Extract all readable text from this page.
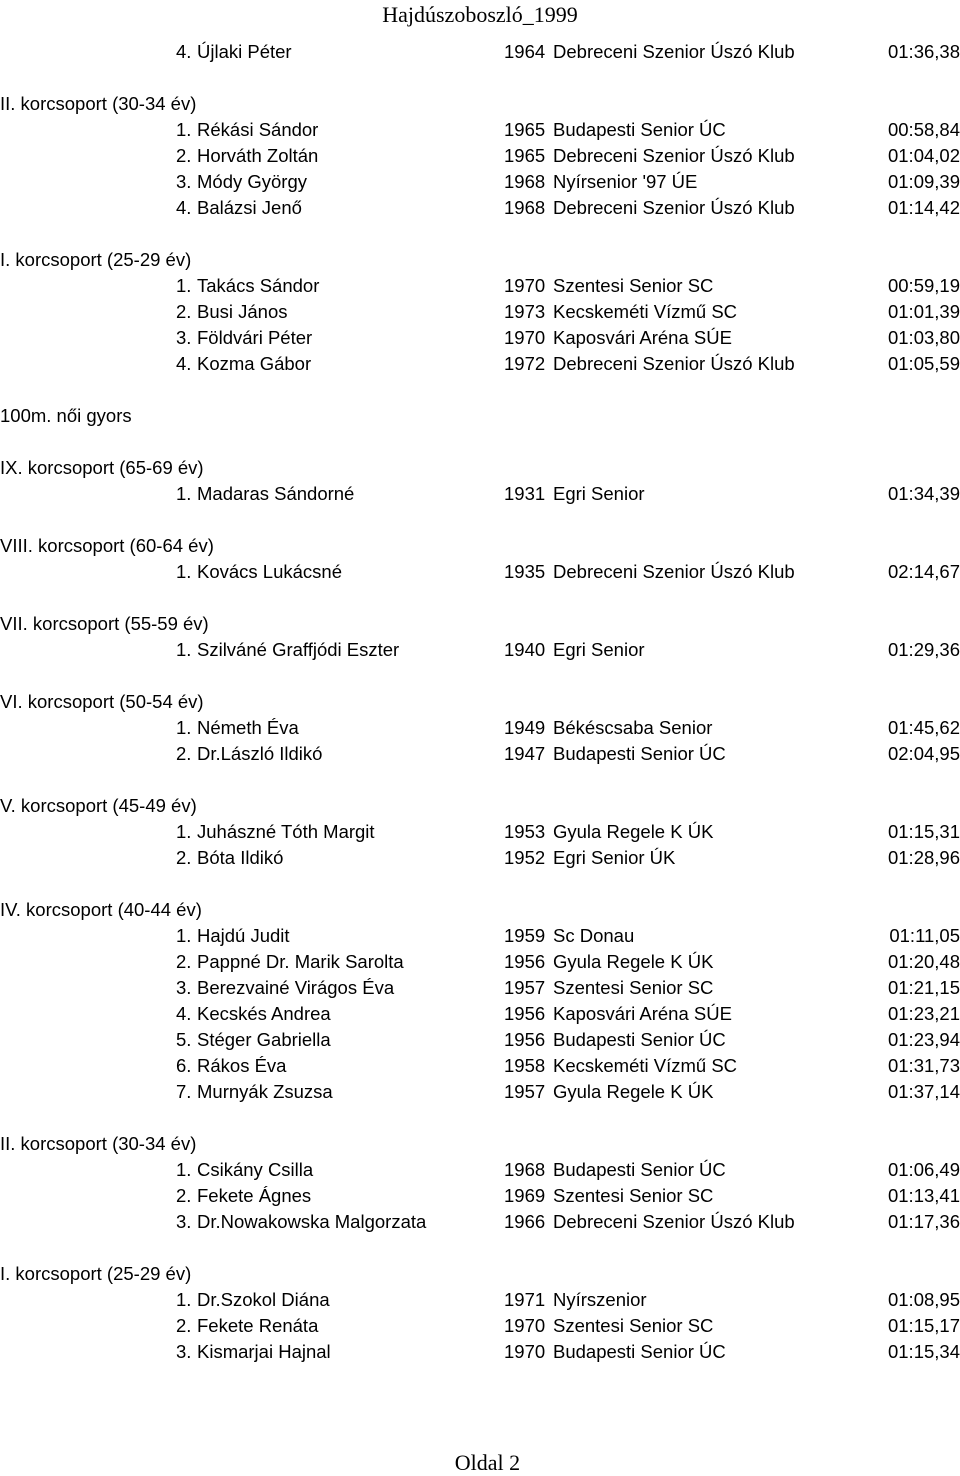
Hajdúszoboszló_1999
4. Újlaki Péter	1964 Debreceni Szenior Úszó Klub	01:36,38
II. korcsoport (30-34 év)
1. Rékási Sándor	1965 Budapesti Senior ÚC	00:58,84
2. Horváth Zoltán	1965 Debreceni Szenior Úszó Klub	01:04,02
3. Módy György	1968 Nyírsenior '97 ÚE	01:09,39
4. Balázsi Jenő	1968 Debreceni Szenior Úszó Klub	01:14,42
I. korcsoport (25-29 év)
1. Takács Sándor	1970 Szentesi Senior SC	00:59,19
2. Busi János	1973 Kecskeméti Vízmű SC	01:01,39
3. Földvári Péter	1970 Kaposvári Aréna SÚE	01:03,80
4. Kozma Gábor	1972 Debreceni Szenior Úszó Klub	01:05,59
100m. női gyors
IX. korcsoport (65-69 év)
1. Madaras Sándorné	1931 Egri Senior	01:34,39
VIII. korcsoport (60-64 év)
1. Kovács Lukácsné	1935 Debreceni Szenior Úszó Klub	02:14,67
VII. korcsoport (55-59 év)
1. Szilváné Graffjódi Eszter	1940 Egri Senior	01:29,36
VI. korcsoport (50-54 év)
1. Németh Éva	1949 Békéscsaba Senior	01:45,62
2. Dr.László Ildikó	1947 Budapesti Senior ÚC	02:04,95
V. korcsoport (45-49 év)
1. Juhászné Tóth Margit	1953 Gyula Regele K ÚK	01:15,31
2. Bóta Ildikó	1952 Egri Senior ÚK	01:28,96
IV. korcsoport (40-44 év)
1. Hajdú Judit	1959 Sc Donau	01:11,05
2. Pappné Dr. Marik Sarolta	1956 Gyula Regele K ÚK	01:20,48
3. Berezvainé Virágos Éva	1957 Szentesi Senior SC	01:21,15
4. Kecskés Andrea	1956 Kaposvári Aréna SÚE	01:23,21
5. Stéger Gabriella	1956 Budapesti Senior ÚC	01:23,94
6. Rákos Éva	1958 Kecskeméti Vízmű SC	01:31,73
7. Murnyák Zsuzsa	1957 Gyula Regele K ÚK	01:37,14
II. korcsoport (30-34 év)
1. Csikány Csilla	1968 Budapesti Senior ÚC	01:06,49
2. Fekete Ágnes	1969 Szentesi Senior SC	01:13,41
3. Dr.Nowakowska Malgorzata	1966 Debreceni Szenior Úszó Klub	01:17,36
I. korcsoport (25-29 év)
1. Dr.Szokol Diána	1971 Nyírszenior	01:08,95
2. Fekete Renáta	1970 Szentesi Senior SC	01:15,17
3. Kismarjai Hajnal	1970 Budapesti Senior ÚC	01:15,34
Oldal 2
